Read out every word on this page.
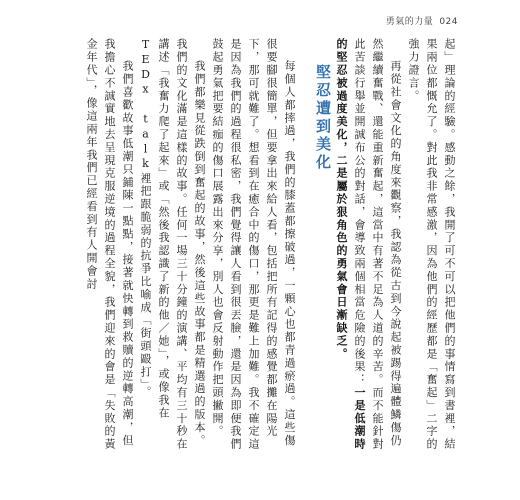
勇氣的力量 024

起」理論的經驗。感動之餘，我開了可不可以把他們的事情寫到書裡，結果兩位都慨允了。對此我非常感激，因為他們的經歷都是「奮起」二字的強力證言。

再從社會文化的角度來觀察，我認為從古到今說起被踢得遍體鱗傷仍然繼續奮戰、還能重新奮起，這當中有著不足為人道的辛苦。而不能針對此苦談行舉並開誠布公的對話，會導致兩個相當危險的後果：一是低潮時的堅忍被過度美化，二是屬於狠角色的勇氣會日漸缺乏。

堅忍遭到美化

每個人都摔過，我們的膝蓋都擦破過，一顆心也都青過瘀過。這些傷很要腳很簡單，但要拿出來給人看，包括把所有記得的感覺都攤在陽光下，那可就難了。想看到在癒合中的傷口，那更是難上加難。我不確定這是因為我們的過程很私密，我們覺得讓人看到很丟臉，還是因為即便我們鼓起勇氣把要結痂的傷口展露出來分享，別人也會反射動作把頭撇開。

我們都樂見從跌倒到奮起的故事，然後這些故事都是精選過的版本。我們的文化滿是這樣的故事。任何一場三十分鐘的演講、平均有三十秒在講述「我奮力爬了起來」或「然後我認識了新的他／她」，或像我在TEDx talk裡把跟脆弱的抗爭比喻成「街頭毆打」。

我們喜歡故事低潮只鋪陳一點點，接著就快轉到救贖的逆轉高潮，但我擔心不誠實地去呈現克服逆境的過程全貌，我們迎來的會是「失敗的黃金年代」，像這兩年我們已經看到有人開會討
